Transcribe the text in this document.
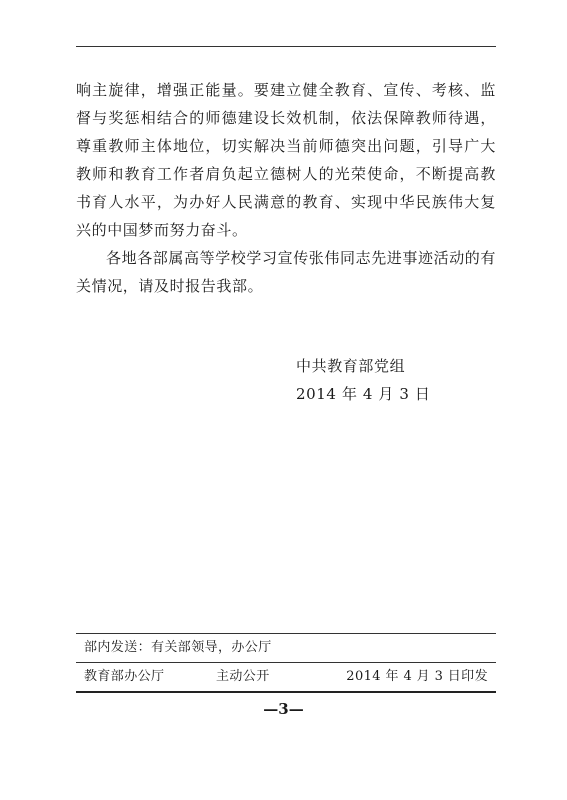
响主旋律，增强正能量。要建立健全教育、宣传、考核、监督与奖惩相结合的师德建设长效机制，依法保障教师待遇，尊重教师主体地位，切实解决当前师德突出问题，引导广大教师和教育工作者肩负起立德树人的光荣使命，不断提高教书育人水平，为办好人民满意的教育、实现中华民族伟大复兴的中国梦而努力奋斗。

各地各部属高等学校学习宣传张伟同志先进事迹活动的有关情况，请及时报告我部。

中共教育部党组
2014 年 4 月 3 日
部内发送：有关部领导，办公厅
教育部办公厅	主动公开	2014 年 4 月 3 日印发
—3—
